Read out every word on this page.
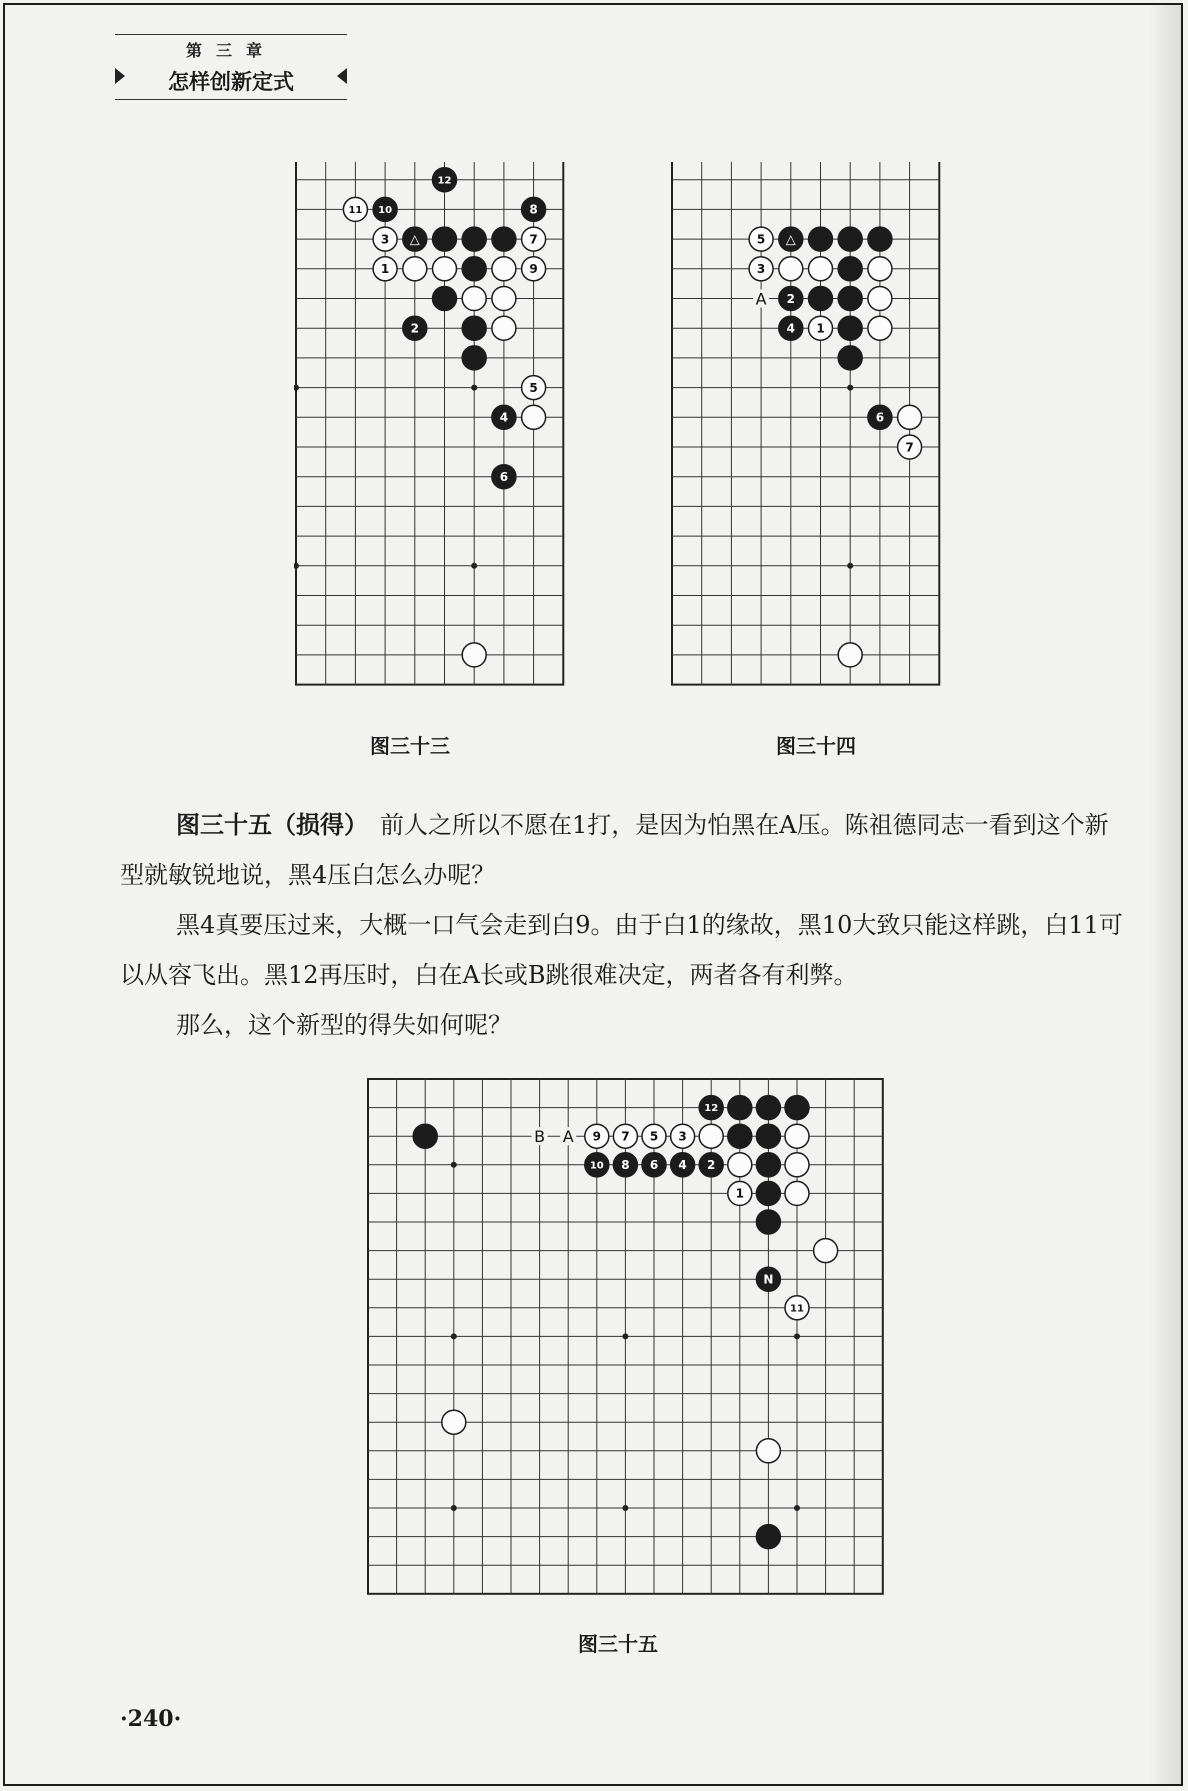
第三章
怎样创新定式
12
10	8
△
2
4
6
11
3	7
1	9
5
图三十三
△
2
4
6
5
3
1
7
A
图三十四

图三十五（损得）　 前人之所以不愿在1打，是因为怕黑在A压。陈祖德同志一看到这个新型就敏锐地说，黑4压白怎么办呢？

黑4真要压过来，大概一口气会走到白9。由于白1的缘故，黑10大致只能这样跳，白11可以从容飞出。黑12再压时，白在A长或B跳很难决定，两者各有利弊。

那么，这个新型的得失如何呢？

12
10 8 6 4 2
N
9 7 5 3
1
11
B A
图三十五
·240·
